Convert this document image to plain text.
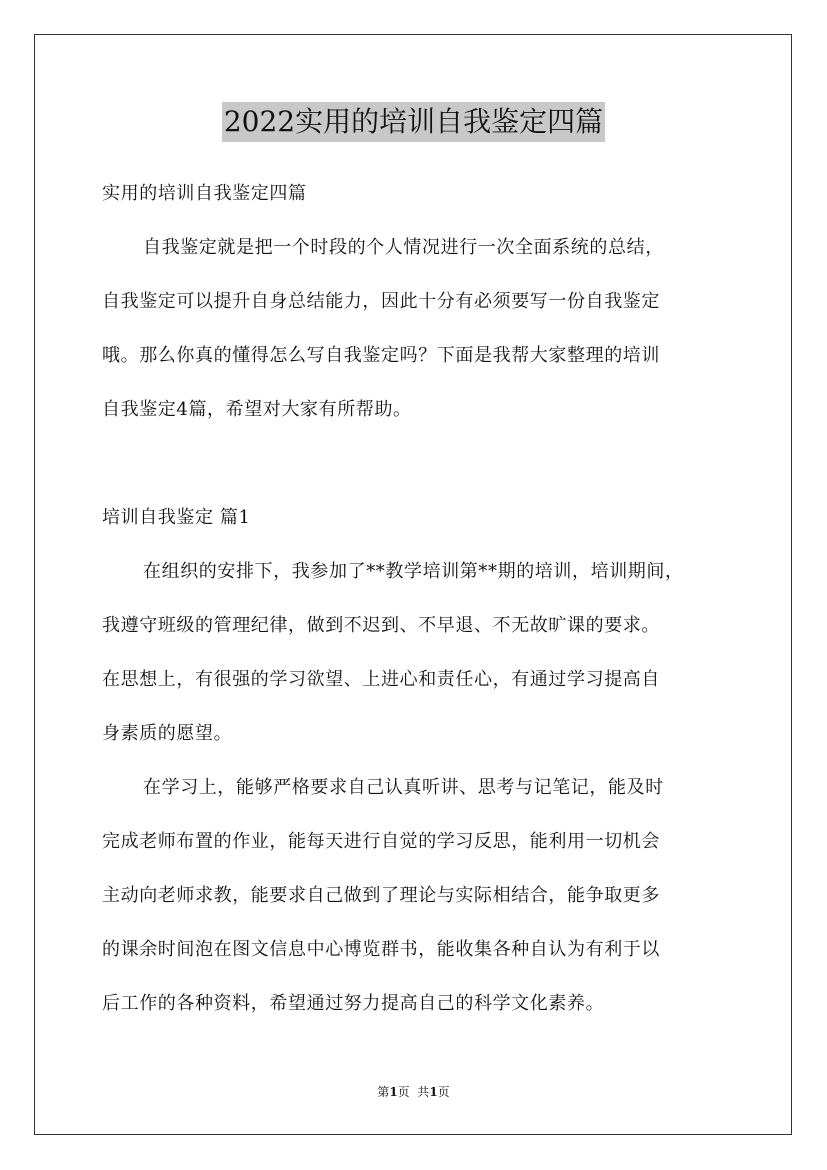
2022实用的培训自我鉴定四篇
实用的培训自我鉴定四篇
自我鉴定就是把一个时段的个人情况进行一次全面系统的总结，
自我鉴定可以提升自身总结能力，因此十分有必须要写一份自我鉴定
哦。那么你真的懂得怎么写自我鉴定吗？下面是我帮大家整理的培训
自我鉴定4篇，希望对大家有所帮助。
培训自我鉴定 篇1
在组织的安排下，我参加了**教学培训第**期的培训，培训期间，
我遵守班级的管理纪律，做到不迟到、不早退、不无故旷课的要求。
在思想上，有很强的学习欲望、上进心和责任心，有通过学习提高自
身素质的愿望。
在学习上，能够严格要求自己认真听讲、思考与记笔记，能及时
完成老师布置的作业，能每天进行自觉的学习反思，能利用一切机会
主动向老师求教，能要求自己做到了理论与实际相结合，能争取更多
的课余时间泡在图文信息中心博览群书，能收集各种自认为有利于以
后工作的各种资料，希望通过努力提高自己的科学文化素养。
第1页  共1页
